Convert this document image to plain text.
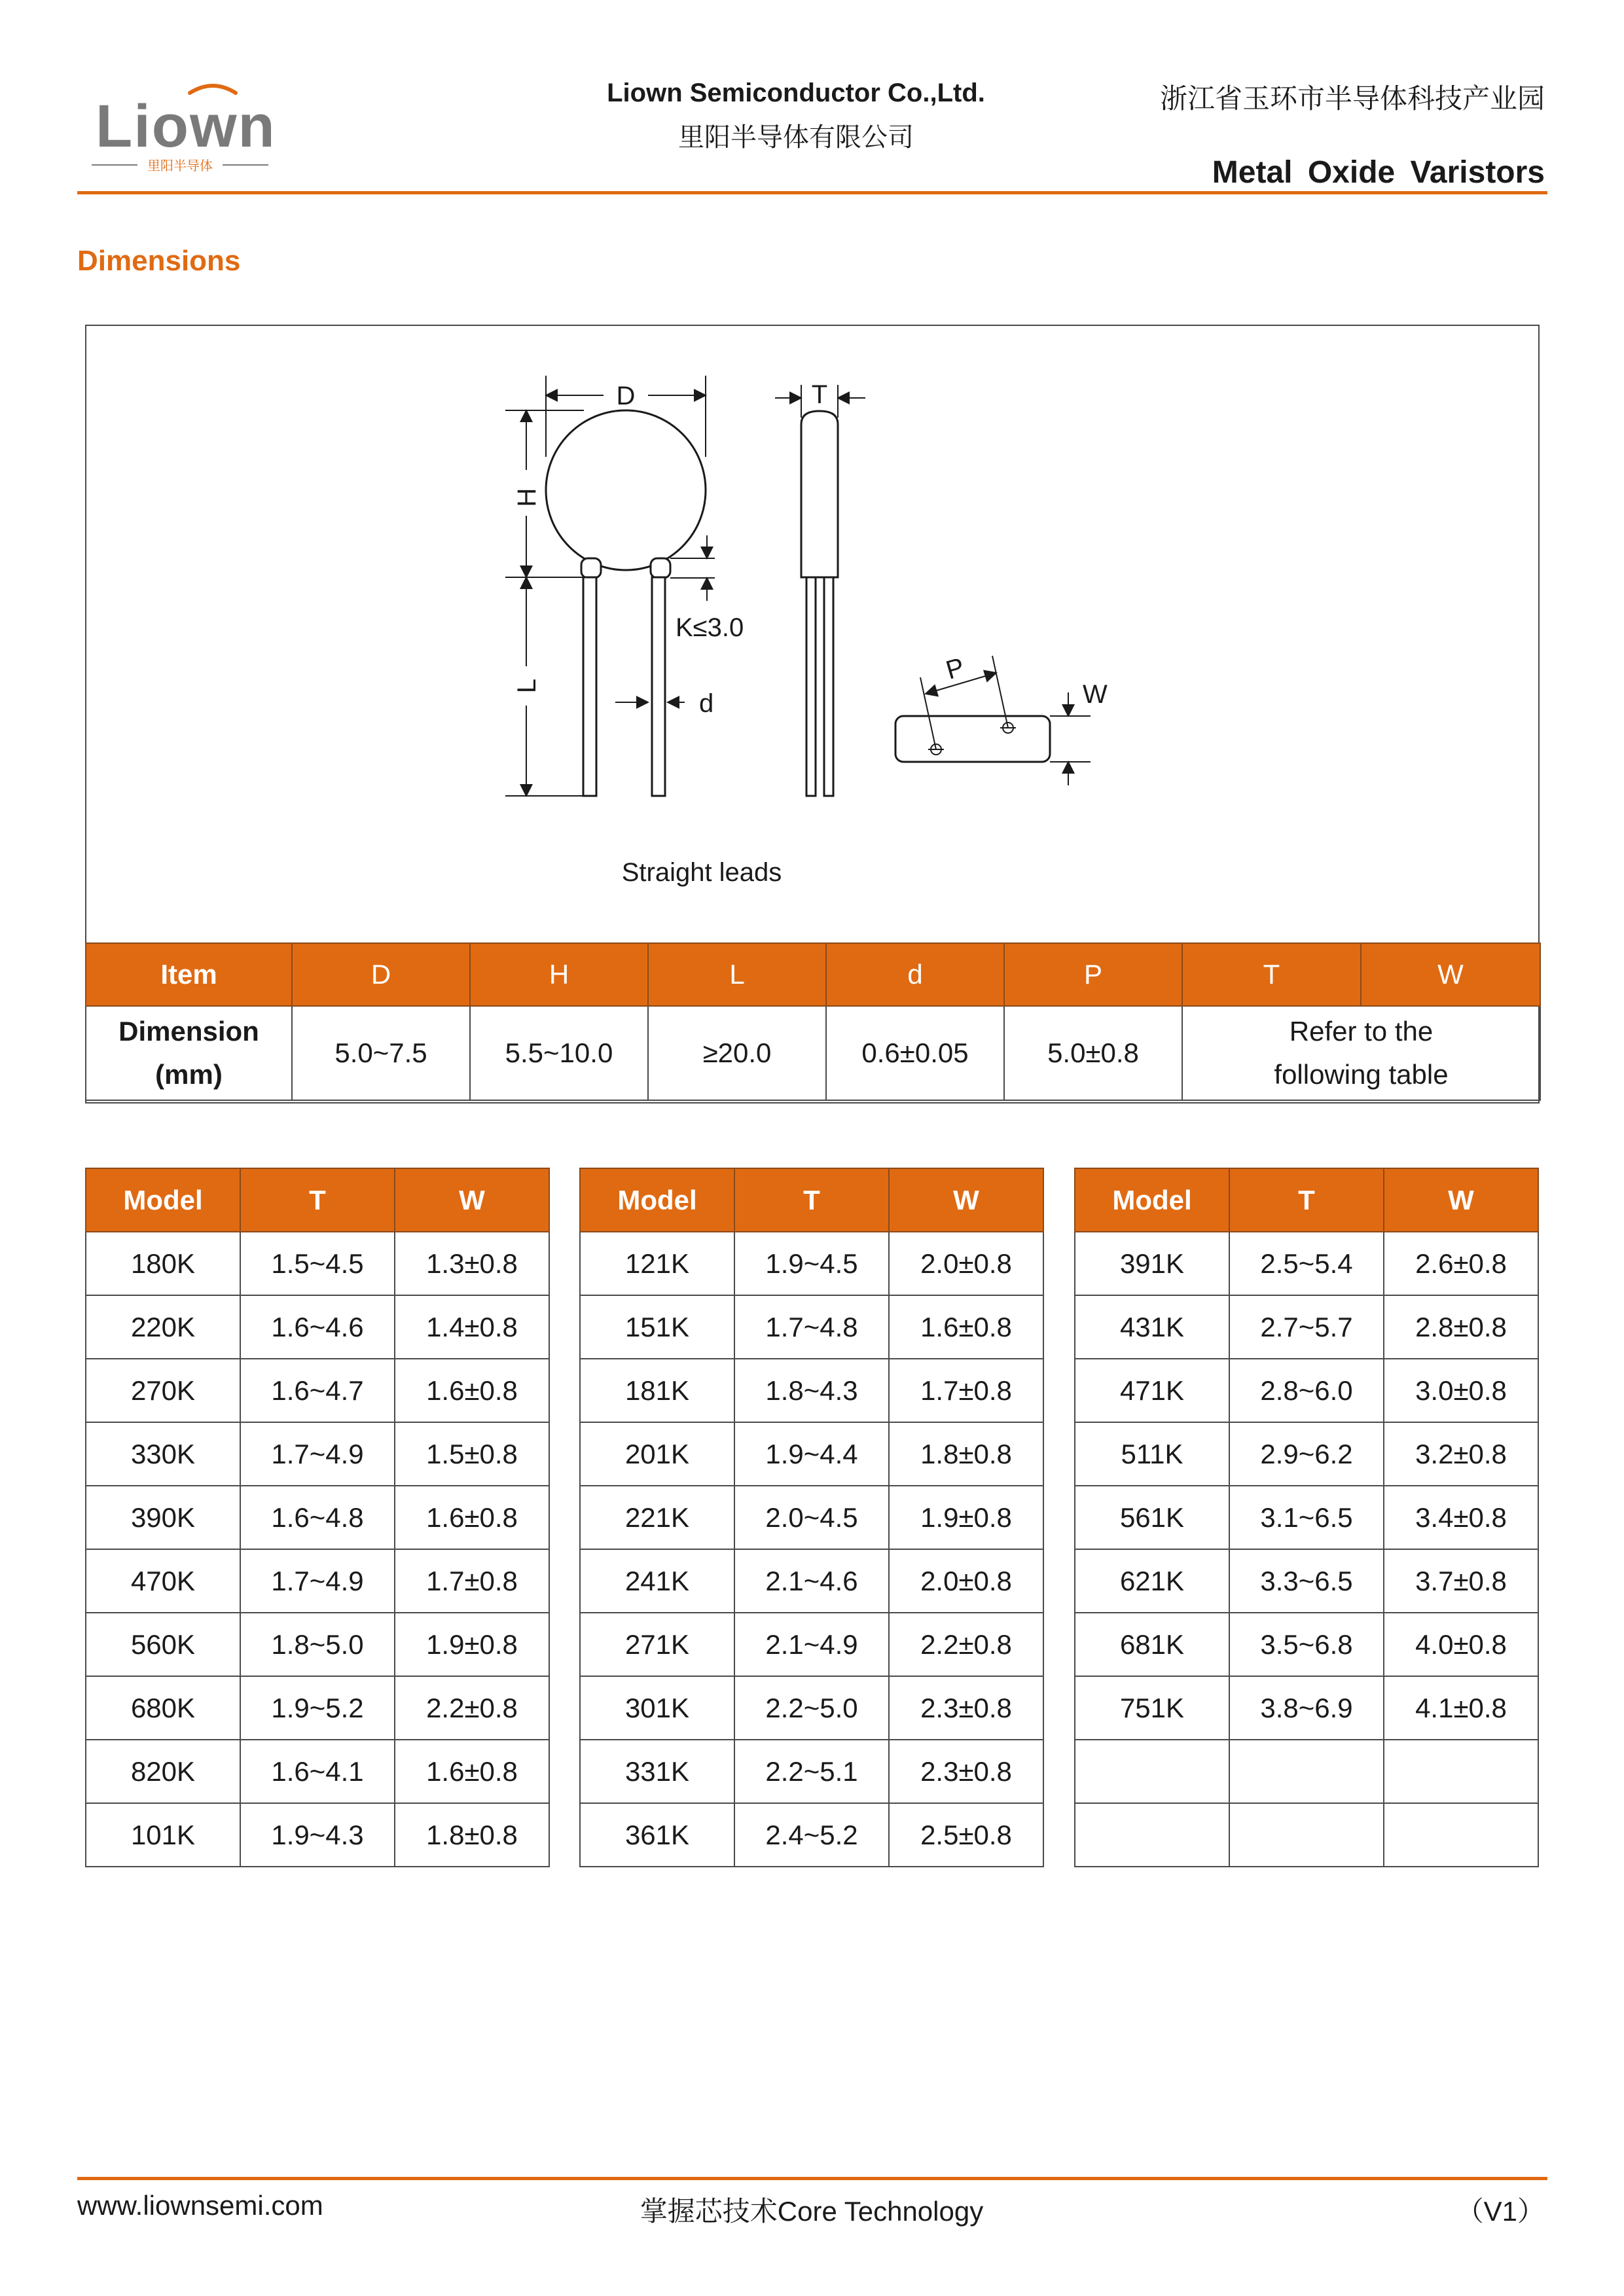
Liown
里阳半导体
Liown Semiconductor Co.,Ltd.
里阳半导体有限公司
浙江省玉环市半导体科技产业园
Metal Oxide Varistors
Dimensions
D
H
L
K≤3.0
d
T
P
W
Straight leads
Item	D	H	L	d	P	T	W
Dimension
(mm)	5.0~7.5	5.5~10.0	≥20.0	0.6±0.05	5.0±0.8	Refer to the
following table	
Model	T	W
180K	1.5~4.5	1.3±0.8
220K	1.6~4.6	1.4±0.8
270K	1.6~4.7	1.6±0.8
330K	1.7~4.9	1.5±0.8
390K	1.6~4.8	1.6±0.8
470K	1.7~4.9	1.7±0.8
560K	1.8~5.0	1.9±0.8
680K	1.9~5.2	2.2±0.8
820K	1.6~4.1	1.6±0.8
101K	1.9~4.3	1.8±0.8
Model	T	W
121K	1.9~4.5	2.0±0.8
151K	1.7~4.8	1.6±0.8
181K	1.8~4.3	1.7±0.8
201K	1.9~4.4	1.8±0.8
221K	2.0~4.5	1.9±0.8
241K	2.1~4.6	2.0±0.8
271K	2.1~4.9	2.2±0.8
301K	2.2~5.0	2.3±0.8
331K	2.2~5.1	2.3±0.8
361K	2.4~5.2	2.5±0.8
Model	T	W
391K	2.5~5.4	2.6±0.8
431K	2.7~5.7	2.8±0.8
471K	2.8~6.0	3.0±0.8
511K	2.9~6.2	3.2±0.8
561K	3.1~6.5	3.4±0.8
621K	3.3~6.5	3.7±0.8
681K	3.5~6.8	4.0±0.8
751K	3.8~6.9	4.1±0.8

www.liownsemi.com	掌握芯技术Core Technology	（V1）
